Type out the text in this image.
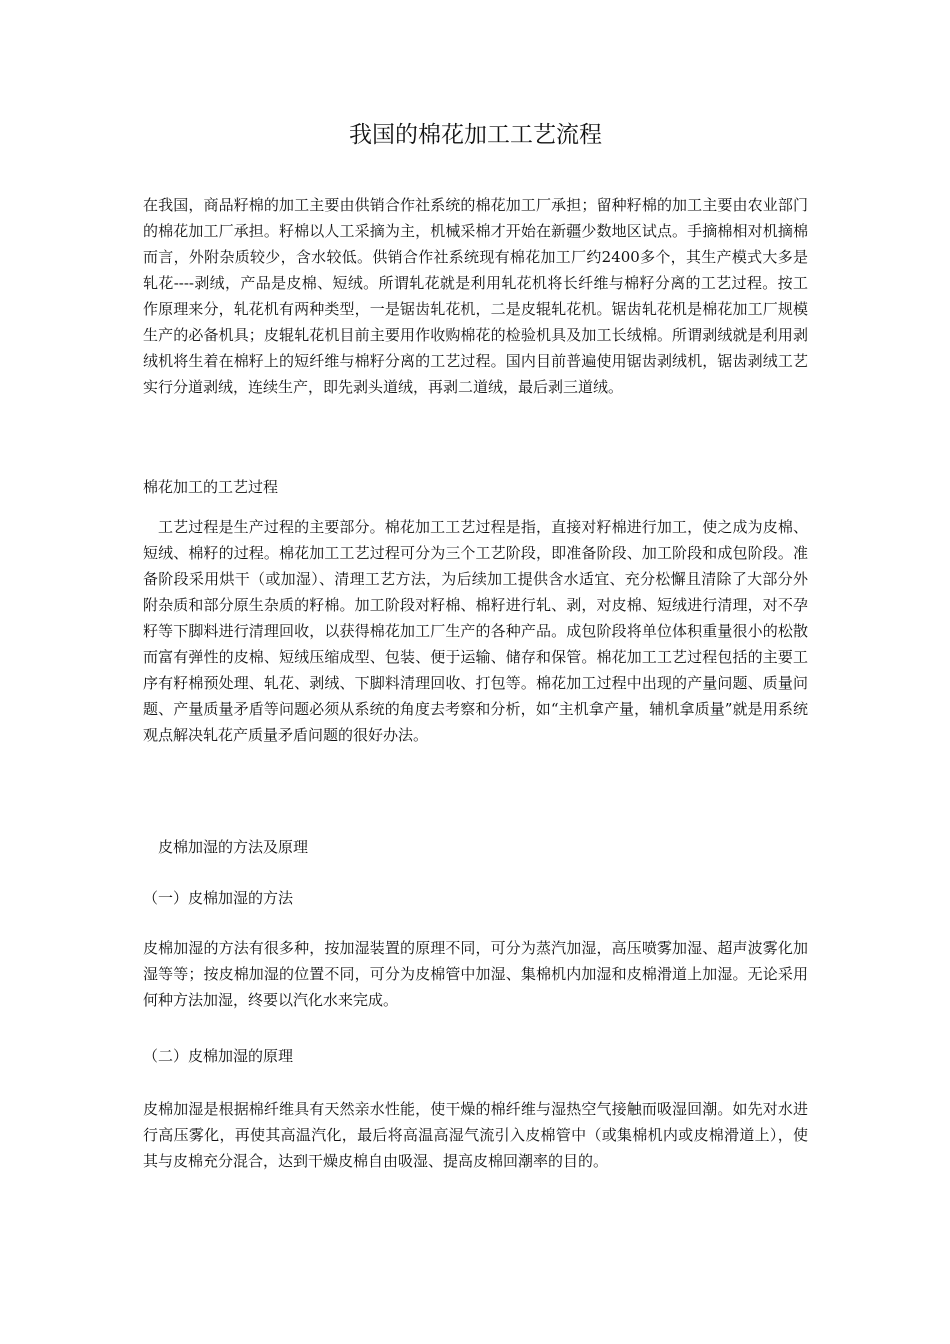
我国的棉花加工工艺流程

在我国，商品籽棉的加工主要由供销合作社系统的棉花加工厂承担；留种籽棉的加工主要由农业部门的棉花加工厂承担。籽棉以人工采摘为主，机械采棉才开始在新疆少数地区试点。手摘棉相对机摘棉而言，外附杂质较少，含水较低。供销合作社系统现有棉花加工厂约2400多个，其生产模式大多是轧花----剥绒，产品是皮棉、短绒。所谓轧花就是利用轧花机将长纤维与棉籽分离的工艺过程。按工作原理来分，轧花机有两种类型，一是锯齿轧花机，二是皮辊轧花机。锯齿轧花机是棉花加工厂规模生产的必备机具；皮辊轧花机目前主要用作收购棉花的检验机具及加工长绒棉。所谓剥绒就是利用剥绒机将生着在棉籽上的短纤维与棉籽分离的工艺过程。国内目前普遍使用锯齿剥绒机，锯齿剥绒工艺实行分道剥绒，连续生产，即先剥头道绒，再剥二道绒，最后剥三道绒。

棉花加工的工艺过程

工艺过程是生产过程的主要部分。棉花加工工艺过程是指，直接对籽棉进行加工，使之成为皮棉、短绒、棉籽的过程。棉花加工工艺过程可分为三个工艺阶段，即准备阶段、加工阶段和成包阶段。准备阶段采用烘干（或加湿）、清理工艺方法，为后续加工提供含水适宜、充分松懈且清除了大部分外附杂质和部分原生杂质的籽棉。加工阶段对籽棉、棉籽进行轧、剥，对皮棉、短绒进行清理，对不孕籽等下脚料进行清理回收，以获得棉花加工厂生产的各种产品。成包阶段将单位体积重量很小的松散而富有弹性的皮棉、短绒压缩成型、包装、便于运输、储存和保管。棉花加工工艺过程包括的主要工序有籽棉预处理、轧花、剥绒、下脚料清理回收、打包等。棉花加工过程中出现的产量问题、质量问题、产量质量矛盾等问题必须从系统的角度去考察和分析，如“主机拿产量，辅机拿质量”就是用系统观点解决轧花产质量矛盾问题的很好办法。

皮棉加湿的方法及原理

（一）皮棉加湿的方法

皮棉加湿的方法有很多种，按加湿装置的原理不同，可分为蒸汽加湿，高压喷雾加湿、超声波雾化加湿等等；按皮棉加湿的位置不同，可分为皮棉管中加湿、集棉机内加湿和皮棉滑道上加湿。无论采用何种方法加湿，终要以汽化水来完成。

（二）皮棉加湿的原理

皮棉加湿是根据棉纤维具有天然亲水性能，使干燥的棉纤维与湿热空气接触而吸湿回潮。如先对水进行高压雾化，再使其高温汽化，最后将高温高湿气流引入皮棉管中（或集棉机内或皮棉滑道上），使其与皮棉充分混合，达到干燥皮棉自由吸湿、提高皮棉回潮率的目的。
